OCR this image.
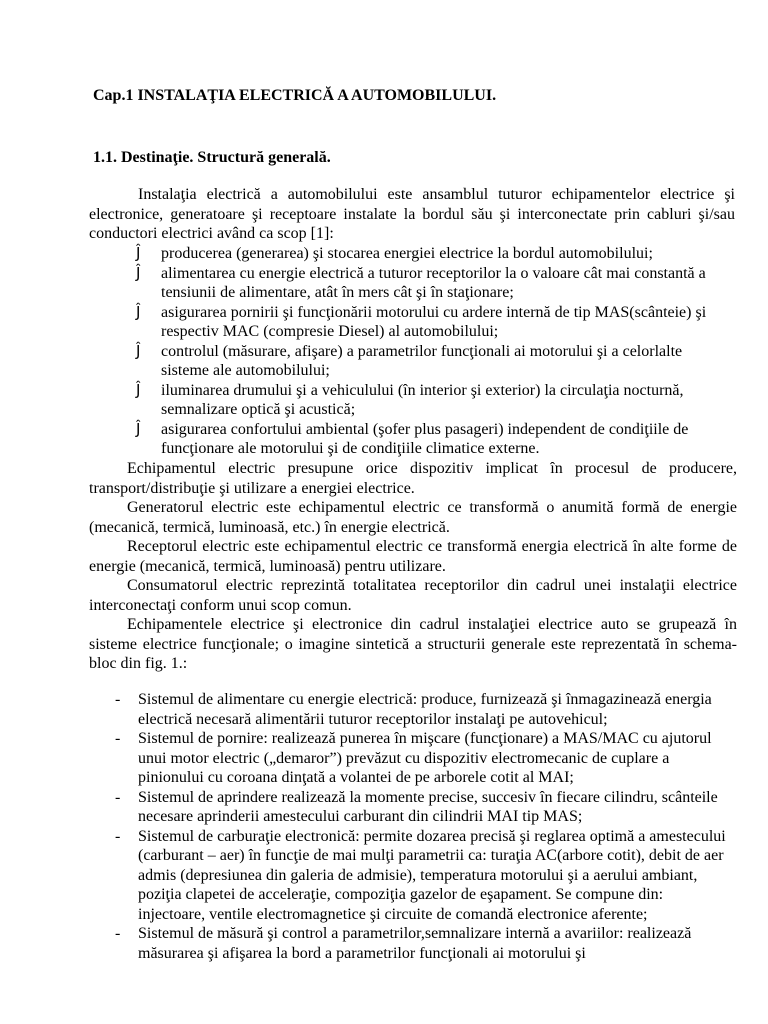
Cap.1 INSTALAŢIA ELECTRICĂ A AUTOMOBILULUI.
1.1. Destinaţie. Structură generală.

Instalaţia electrică a automobilului este ansamblul tuturor echipamentelor electrice şi electronice, generatoare şi receptoare instalate la bordul său şi interconectate prin cabluri şi/sau conductori electrici având ca scop [1]:

Ĵ	producerea (generarea) şi stocarea energiei electrice la bordul automobilului;
Ĵ	alimentarea cu energie electrică a tuturor receptorilor la o valoare cât mai constantă a tensiunii de alimentare, atât în mers cât şi în staţionare;
Ĵ	asigurarea pornirii şi funcţionării motorului cu ardere internă de tip MAS(scânteie) şi respectiv MAC (compresie Diesel) al automobilului;
Ĵ	controlul (măsurare, afişare) a parametrilor funcţionali ai motorului şi a celorlalte sisteme ale automobilului;
Ĵ	iluminarea drumului şi a vehiculului (în interior şi exterior) la circulaţia nocturnă, semnalizare optică şi acustică;
Ĵ	asigurarea confortului ambiental (şofer plus pasageri) independent de condiţiile de funcţionare ale motorului şi de condiţiile climatice externe.

Echipamentul electric presupune orice dispozitiv implicat în procesul de producere, transport/distribuţie şi utilizare a energiei electrice.

Generatorul electric este echipamentul electric ce transformă o anumită formă de energie (mecanică, termică, luminoasă, etc.) în energie electrică.

Receptorul electric este echipamentul electric ce transformă energia electrică în alte forme de energie (mecanică, termică, luminoasă) pentru utilizare.

Consumatorul electric reprezintă totalitatea receptorilor din cadrul unei instalaţii electrice interconectaţi conform unui scop comun.

Echipamentele electrice şi electronice din cadrul instalaţiei electrice auto se grupează în sisteme electrice funcţionale; o imagine sintetică a structurii generale este reprezentată în schema-bloc din fig. 1.:

- Sistemul de alimentare cu energie electrică: produce, furnizează şi înmagazinează energia electrică necesară alimentării tuturor receptorilor instalaţi pe autovehicul;
- Sistemul de pornire: realizează punerea în mişcare (funcţionare) a MAS/MAC cu ajutorul unui motor electric („demaror”) prevăzut cu dispozitiv electromecanic de cuplare a pinionului cu coroana dinţată a volantei de pe arborele cotit al MAI;
- Sistemul de aprindere realizează la momente precise, succesiv în fiecare cilindru, scânteile necesare aprinderii amestecului carburant din cilindrii MAI tip MAS;
- Sistemul de carburaţie electronică: permite dozarea precisă şi reglarea optimă a amestecului
(carburant – aer) în funcţie de mai mulţi parametrii ca: turaţia AC(arbore cotit), debit de aer admis (depresiunea din galeria de admisie), temperatura motorului şi a aerului ambiant, poziţia clapetei de acceleraţie, compoziţia gazelor de eşapament. Se compune din: injectoare, ventile electromagnetice şi circuite de comandă electronice aferente;
- Sistemul de măsură şi control a parametrilor,semnalizare internă a avariilor: realizează măsurarea şi afişarea la bord a parametrilor funcţionali ai motorului şi
